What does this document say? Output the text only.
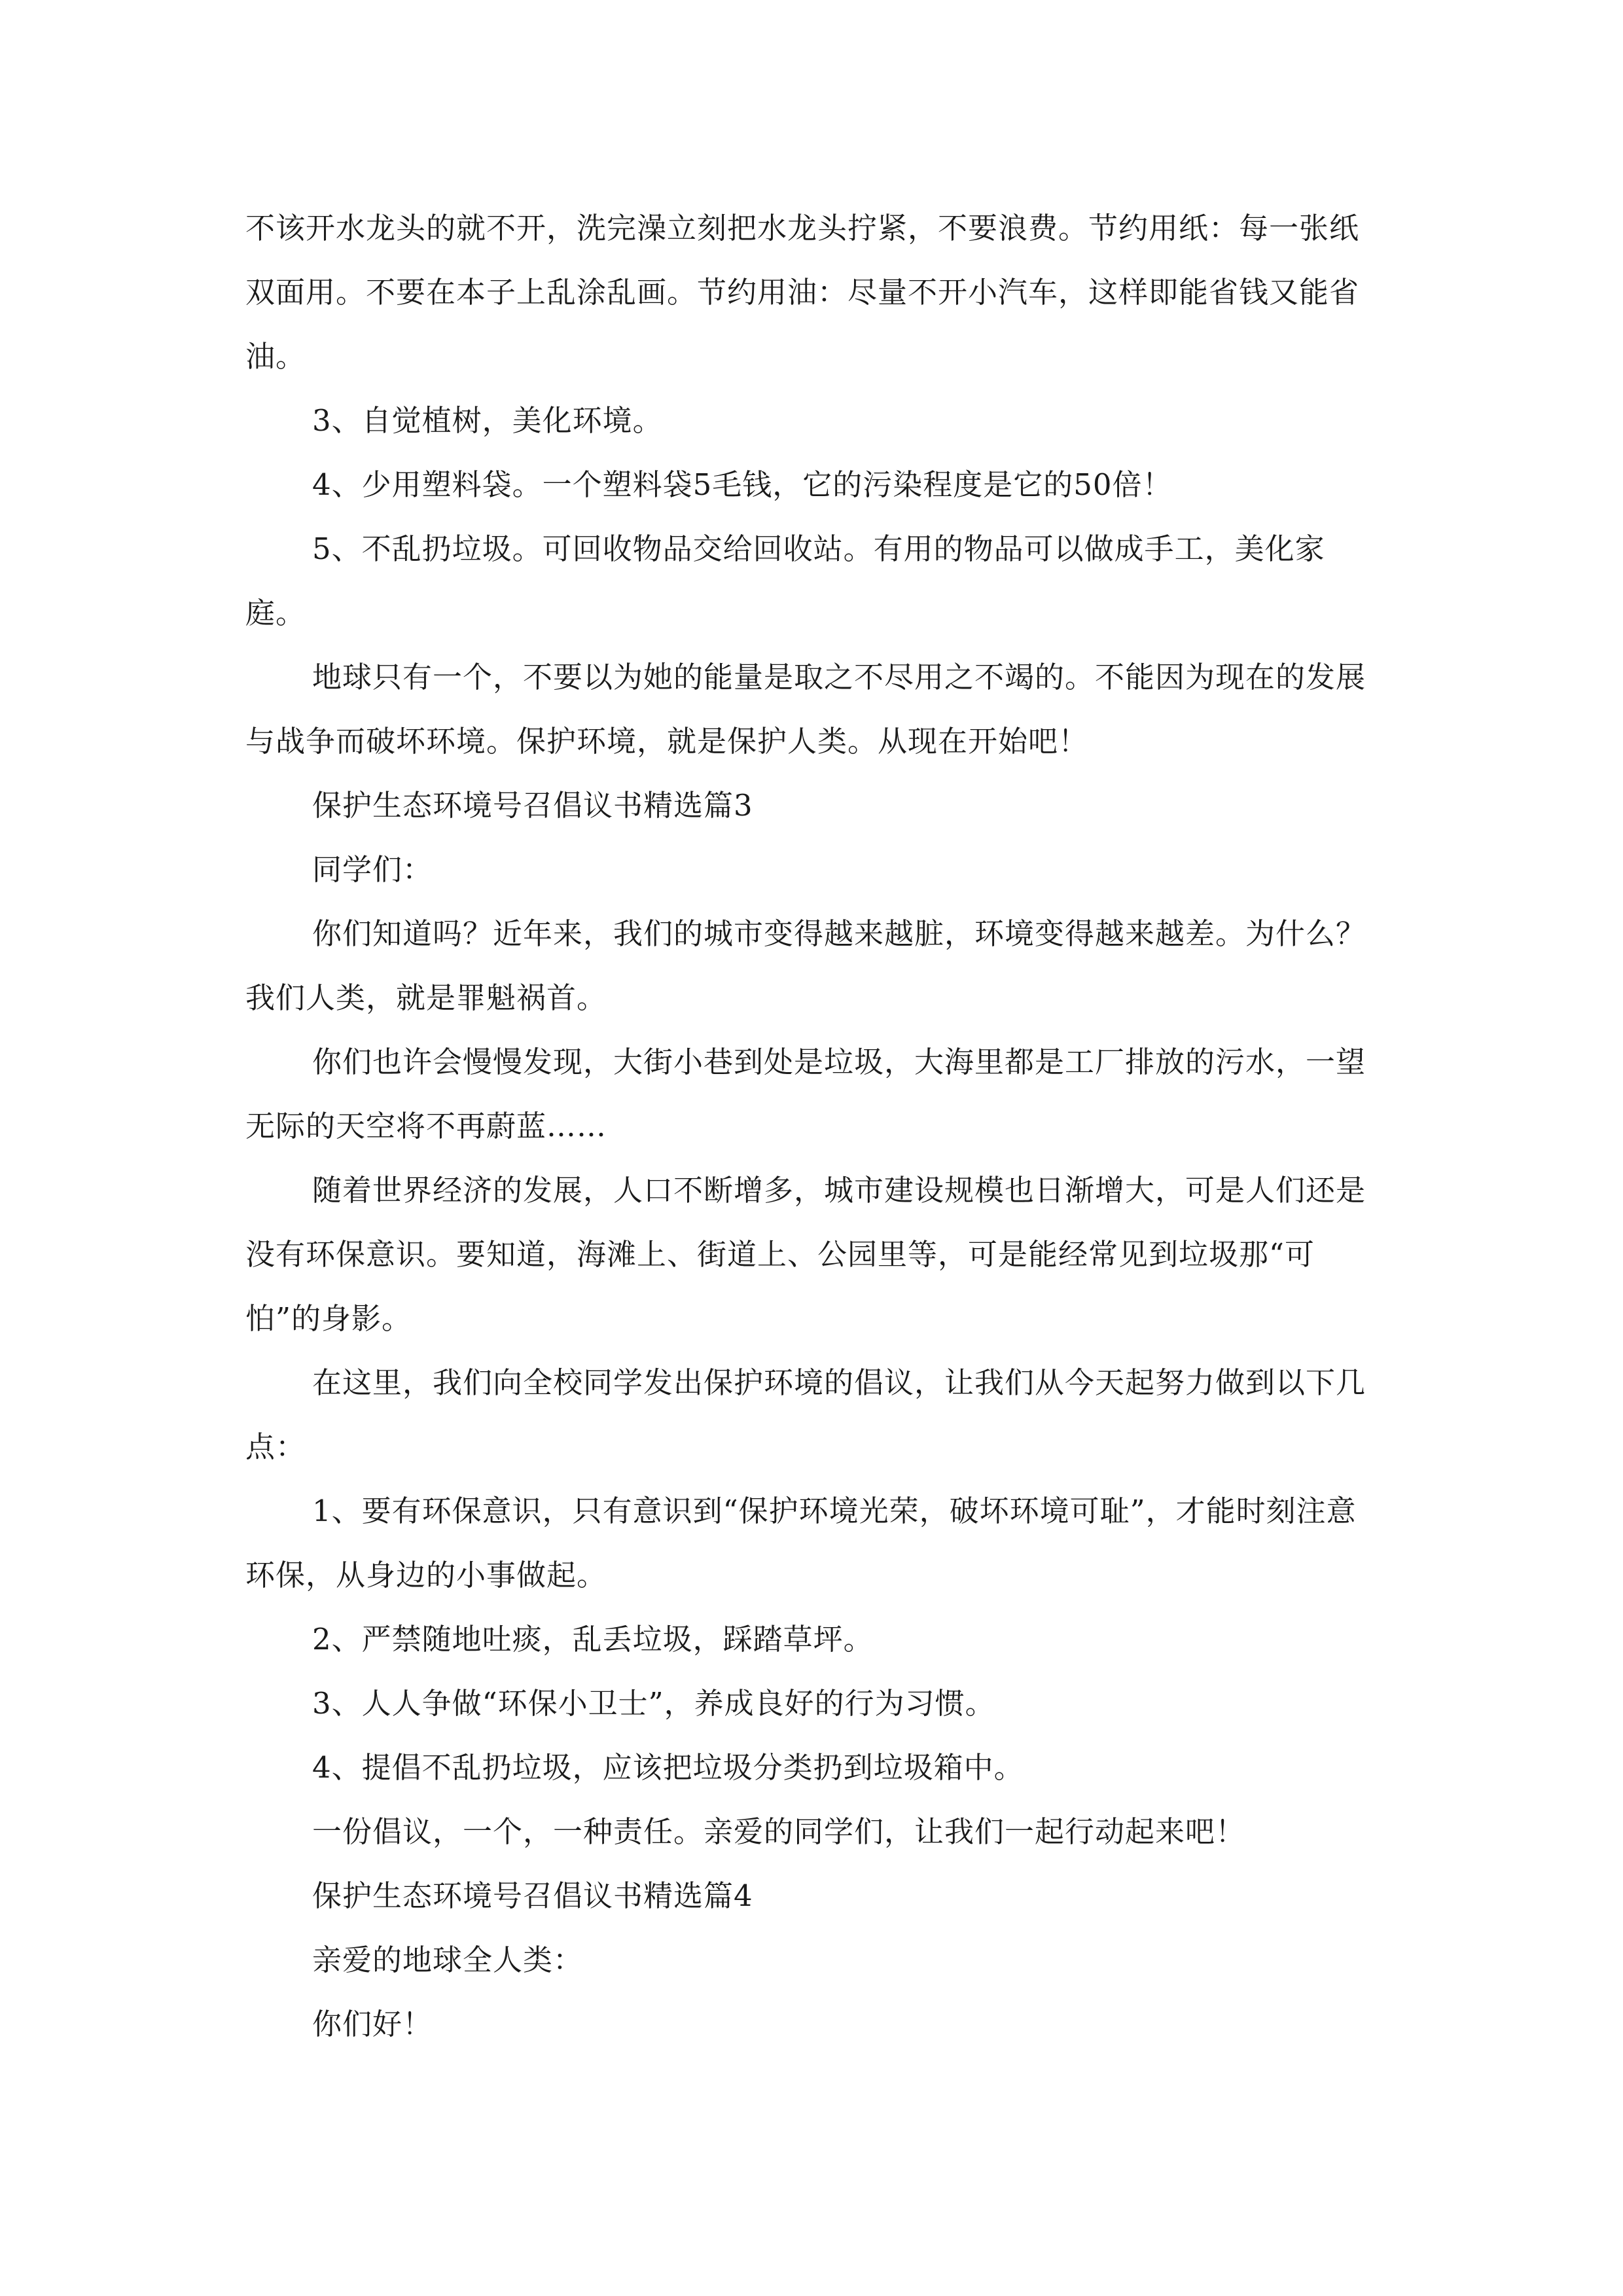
不该开水龙头的就不开，洗完澡立刻把水龙头拧紧，不要浪费。节约用纸：每一张纸双面用。不要在本子上乱涂乱画。节约用油：尽量不开小汽车，这样即能省钱又能省油。

3、自觉植树，美化环境。

4、少用塑料袋。一个塑料袋5毛钱，它的污染程度是它的50倍！

5、不乱扔垃圾。可回收物品交给回收站。有用的物品可以做成手工，美化家庭。

地球只有一个，不要以为她的能量是取之不尽用之不竭的。不能因为现在的发展与战争而破坏环境。保护环境，就是保护人类。从现在开始吧！

保护生态环境号召倡议书精选篇3

同学们：

你们知道吗？近年来，我们的城市变得越来越脏，环境变得越来越差。为什么？我们人类，就是罪魁祸首。

你们也许会慢慢发现，大街小巷到处是垃圾，大海里都是工厂排放的污水，一望无际的天空将不再蔚蓝……

随着世界经济的发展，人口不断增多，城市建设规模也日渐增大，可是人们还是没有环保意识。要知道，海滩上、街道上、公园里等，可是能经常见到垃圾那“可怕”的身影。

在这里，我们向全校同学发出保护环境的倡议，让我们从今天起努力做到以下几点：

1、要有环保意识，只有意识到“保护环境光荣，破坏环境可耻”，才能时刻注意环保，从身边的小事做起。

2、严禁随地吐痰，乱丢垃圾，踩踏草坪。

3、人人争做“环保小卫士”，养成良好的行为习惯。

4、提倡不乱扔垃圾，应该把垃圾分类扔到垃圾箱中。

一份倡议，一个，一种责任。亲爱的同学们，让我们一起行动起来吧！

保护生态环境号召倡议书精选篇4

亲爱的地球全人类：

你们好！
